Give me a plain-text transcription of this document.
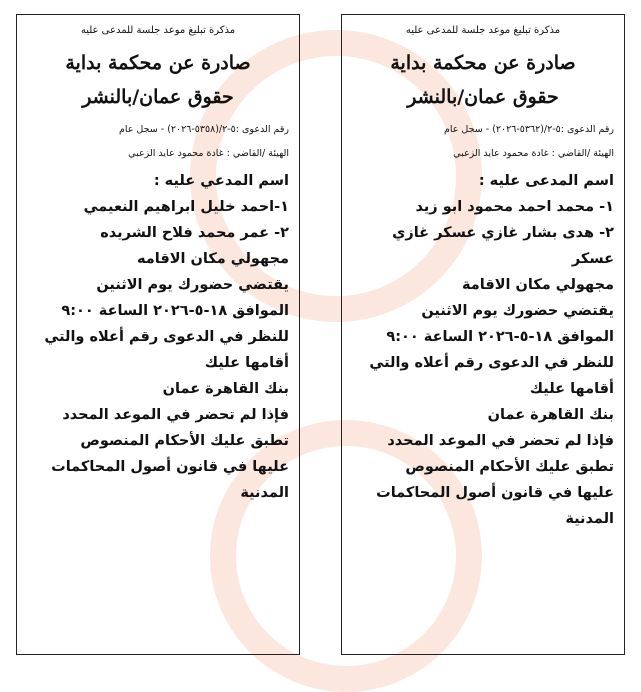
مذكرة تبليغ موعد جلسة للمدعى عليه
صادرة عن محكمة بداية
حقوق عمان/بالنشر
رقم الدعوى :٥-٢/(٥٣٦٢-٢٠٢٦) - سجل عام
الهيئة /القاضي : غادة محمود عايد الزعبي
اسم المدعى عليه :
١- محمد احمد محمود ابو زيد
٢- هدى بشار غازي عسكر غازي
عسكر
مجهولي مكان الاقامة
يقتضي حضورك يوم الاثنين
الموافق ١٨-٥-٢٠٢٦ الساعة ٩:٠٠
للنظر في الدعوى رقم أعلاه والتي
أقامها عليك
بنك القاهرة عمان
فإذا لم تحضر في الموعد المحدد
تطبق عليك الأحكام المنصوص
عليها في قانون أصول المحاكمات
المدنية
مذكرة تبليغ موعد جلسة للمدعى عليه
صادرة عن محكمة بداية
حقوق عمان/بالنشر
رقم الدعوى :٥-٢/(٥٣٥٨-٢٠٢٦) - سجل عام
الهيئة /القاضي : غادة محمود عايد الزعبي
اسم المدعي عليه :
١-احمد خليل ابراهيم النعيمي
٢- عمر محمد فلاح الشريده
مجهولي مكان الاقامه
يقتضي حضورك يوم الاثنين
الموافق ١٨-٥-٢٠٢٦ الساعة ٩:٠٠
للنظر في الدعوى رقم أعلاه والتي
أقامها عليك
بنك القاهرة عمان
فإذا لم تحضر في الموعد المحدد
تطبق عليك الأحكام المنصوص
عليها في قانون أصول المحاكمات
المدنية
